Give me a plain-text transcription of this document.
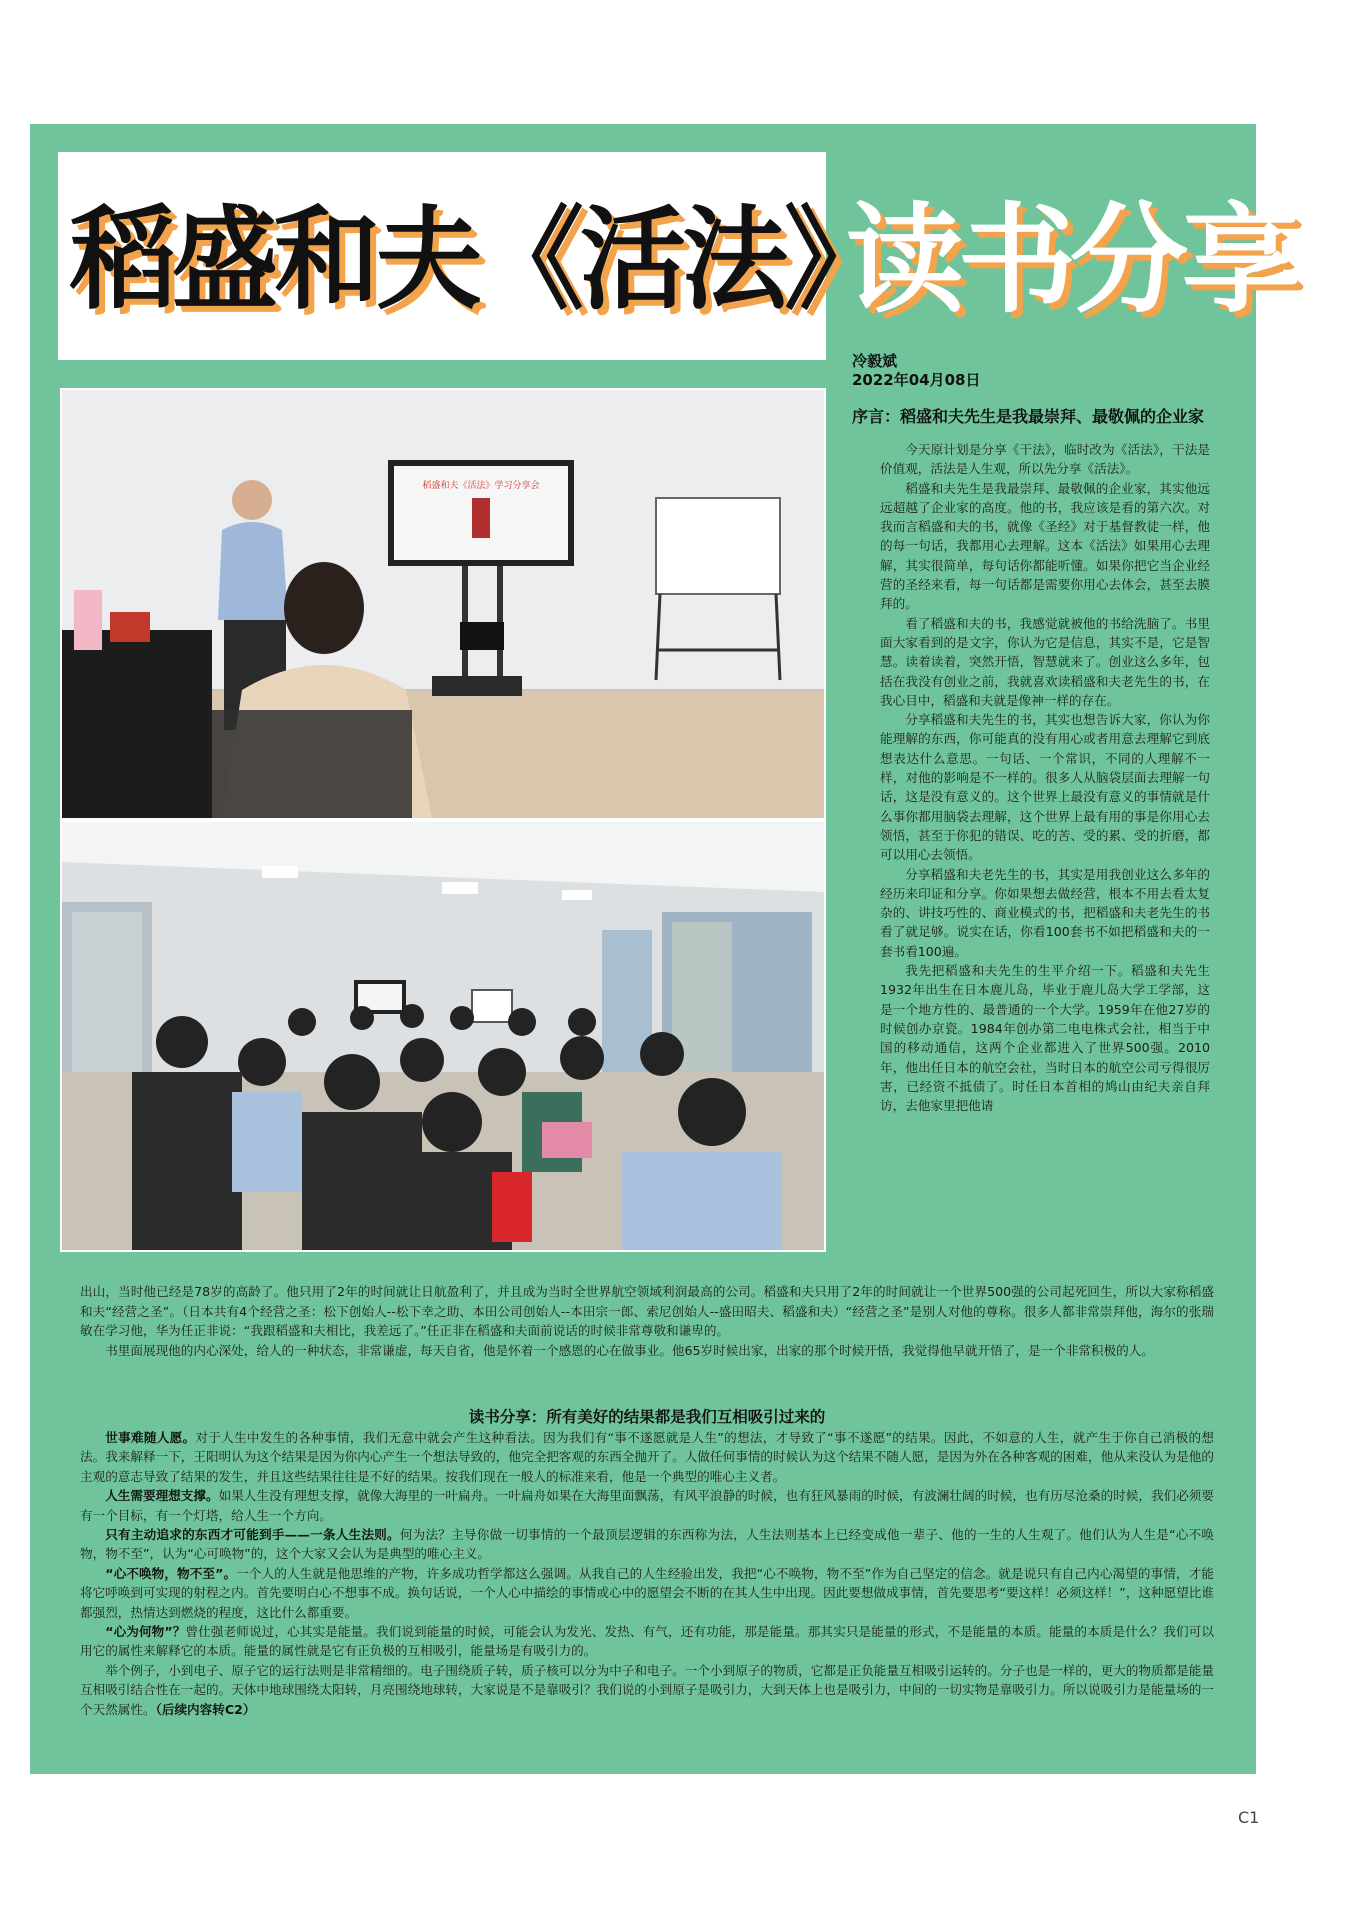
稻盛和夫《活法》
读书分享
稻盛和夫《活法》学习分享会
冷毅斌
2022年04月08日
序言：稻盛和夫先生是我最崇拜、最敬佩的企业家

今天原计划是分享《干法》，临时改为《活法》，干法是价值观，活法是人生观，所以先分享《活法》。

稻盛和夫先生是我最崇拜、最敬佩的企业家，其实他远远超越了企业家的高度。他的书，我应该是看的第六次。对我而言稻盛和夫的书，就像《圣经》对于基督教徒一样，他的每一句话，我都用心去理解。这本《活法》如果用心去理解，其实很简单，每句话你都能听懂。如果你把它当企业经营的圣经来看，每一句话都是需要你用心去体会，甚至去膜拜的。

看了稻盛和夫的书，我感觉就被他的书给洗脑了。书里面大家看到的是文字，你认为它是信息，其实不是，它是智慧。读着读着，突然开悟，智慧就来了。创业这么多年，包括在我没有创业之前，我就喜欢读稻盛和夫老先生的书，在我心目中，稻盛和夫就是像神一样的存在。

分享稻盛和夫先生的书，其实也想告诉大家，你认为你能理解的东西，你可能真的没有用心或者用意去理解它到底想表达什么意思。一句话、一个常识，不同的人理解不一样，对他的影响是不一样的。很多人从脑袋层面去理解一句话，这是没有意义的。这个世界上最没有意义的事情就是什么事你都用脑袋去理解，这个世界上最有用的事是你用心去领悟，甚至于你犯的错误、吃的苦、受的累、受的折磨，都可以用心去领悟。

分享稻盛和夫老先生的书，其实是用我创业这么多年的经历来印证和分享。你如果想去做经营，根本不用去看太复杂的、讲技巧性的、商业模式的书，把稻盛和夫老先生的书看了就足够。说实在话，你看100套书不如把稻盛和夫的一套书看100遍。

我先把稻盛和夫先生的生平介绍一下。稻盛和夫先生1932年出生在日本鹿儿岛，毕业于鹿儿岛大学工学部，这是一个地方性的、最普通的一个大学。1959年在他27岁的时候创办京瓷。1984年创办第二电电株式会社，相当于中国的移动通信，这两个企业都进入了世界500强。2010年，他出任日本的航空会社，当时日本的航空公司亏得很厉害，已经资不抵债了。时任日本首相的鸠山由纪夫亲自拜访，去他家里把他请

出山，当时他已经是78岁的高龄了。他只用了2年的时间就让日航盈利了，并且成为当时全世界航空领域利润最高的公司。稻盛和夫只用了2年的时间就让一个世界500强的公司起死回生，所以大家称稻盛和夫“经营之圣”。（日本共有4个经营之圣：松下创始人--松下幸之助、本田公司创始人--本田宗一郎、索尼创始人--盛田昭夫、稻盛和夫）“经营之圣”是别人对他的尊称。很多人都非常崇拜他，海尔的张瑞敏在学习他，华为任正非说：“我跟稻盛和夫相比，我差远了。”任正非在稻盛和夫面前说话的时候非常尊敬和谦卑的。

书里面展现他的内心深处，给人的一种状态，非常谦虚，每天自省，他是怀着一个感恩的心在做事业。他65岁时候出家，出家的那个时候开悟，我觉得他早就开悟了，是一个非常积极的人。

读书分享：所有美好的结果都是我们互相吸引过来的

世事难随人愿。对于人生中发生的各种事情，我们无意中就会产生这种看法。因为我们有“事不遂愿就是人生”的想法，才导致了“事不遂愿”的结果。因此，不如意的人生，就产生于你自己消极的想法。我来解释一下，王阳明认为这个结果是因为你内心产生一个想法导致的，他完全把客观的东西全抛开了。人做任何事情的时候认为这个结果不随人愿，是因为外在各种客观的困难，他从来没认为是他的主观的意志导致了结果的发生，并且这些结果往往是不好的结果。按我们现在一般人的标准来看，他是一个典型的唯心主义者。

人生需要理想支撑。如果人生没有理想支撑，就像大海里的一叶扁舟。一叶扁舟如果在大海里面飘荡，有风平浪静的时候，也有狂风暴雨的时候，有波澜壮阔的时候，也有历尽沧桑的时候，我们必须要有一个目标，有一个灯塔，给人生一个方向。

只有主动追求的东西才可能到手——一条人生法则。何为法？主导你做一切事情的一个最顶层逻辑的东西称为法，人生法则基本上已经变成他一辈子、他的一生的人生观了。他们认为人生是“心不唤物，物不至”，认为“心可唤物”的，这个大家又会认为是典型的唯心主义。

“心不唤物，物不至”。一个人的人生就是他思维的产物，许多成功哲学都这么强调。从我自己的人生经验出发，我把“心不唤物，物不至”作为自己坚定的信念。就是说只有自己内心渴望的事情，才能将它呼唤到可实现的射程之内。首先要明白心不想事不成。换句话说，一个人心中描绘的事情或心中的愿望会不断的在其人生中出现。因此要想做成事情，首先要思考“要这样！必须这样！”，这种愿望比谁都强烈，热情达到燃烧的程度，这比什么都重要。

“心为何物”？曾仕强老师说过，心其实是能量。我们说到能量的时候，可能会认为发光、发热、有气，还有功能，那是能量。那其实只是能量的形式，不是能量的本质。能量的本质是什么？我们可以用它的属性来解释它的本质。能量的属性就是它有正负极的互相吸引，能量场是有吸引力的。

举个例子，小到电子、原子它的运行法则是非常精细的。电子围绕质子转，质子核可以分为中子和电子。一个小到原子的物质，它都是正负能量互相吸引运转的。分子也是一样的，更大的物质都是能量互相吸引结合性在一起的。天体中地球围绕太阳转，月亮围绕地球转，大家说是不是靠吸引？我们说的小到原子是吸引力，大到天体上也是吸引力，中间的一切实物是靠吸引力。所以说吸引力是能量场的一个天然属性。（后续内容转C2）

C1
